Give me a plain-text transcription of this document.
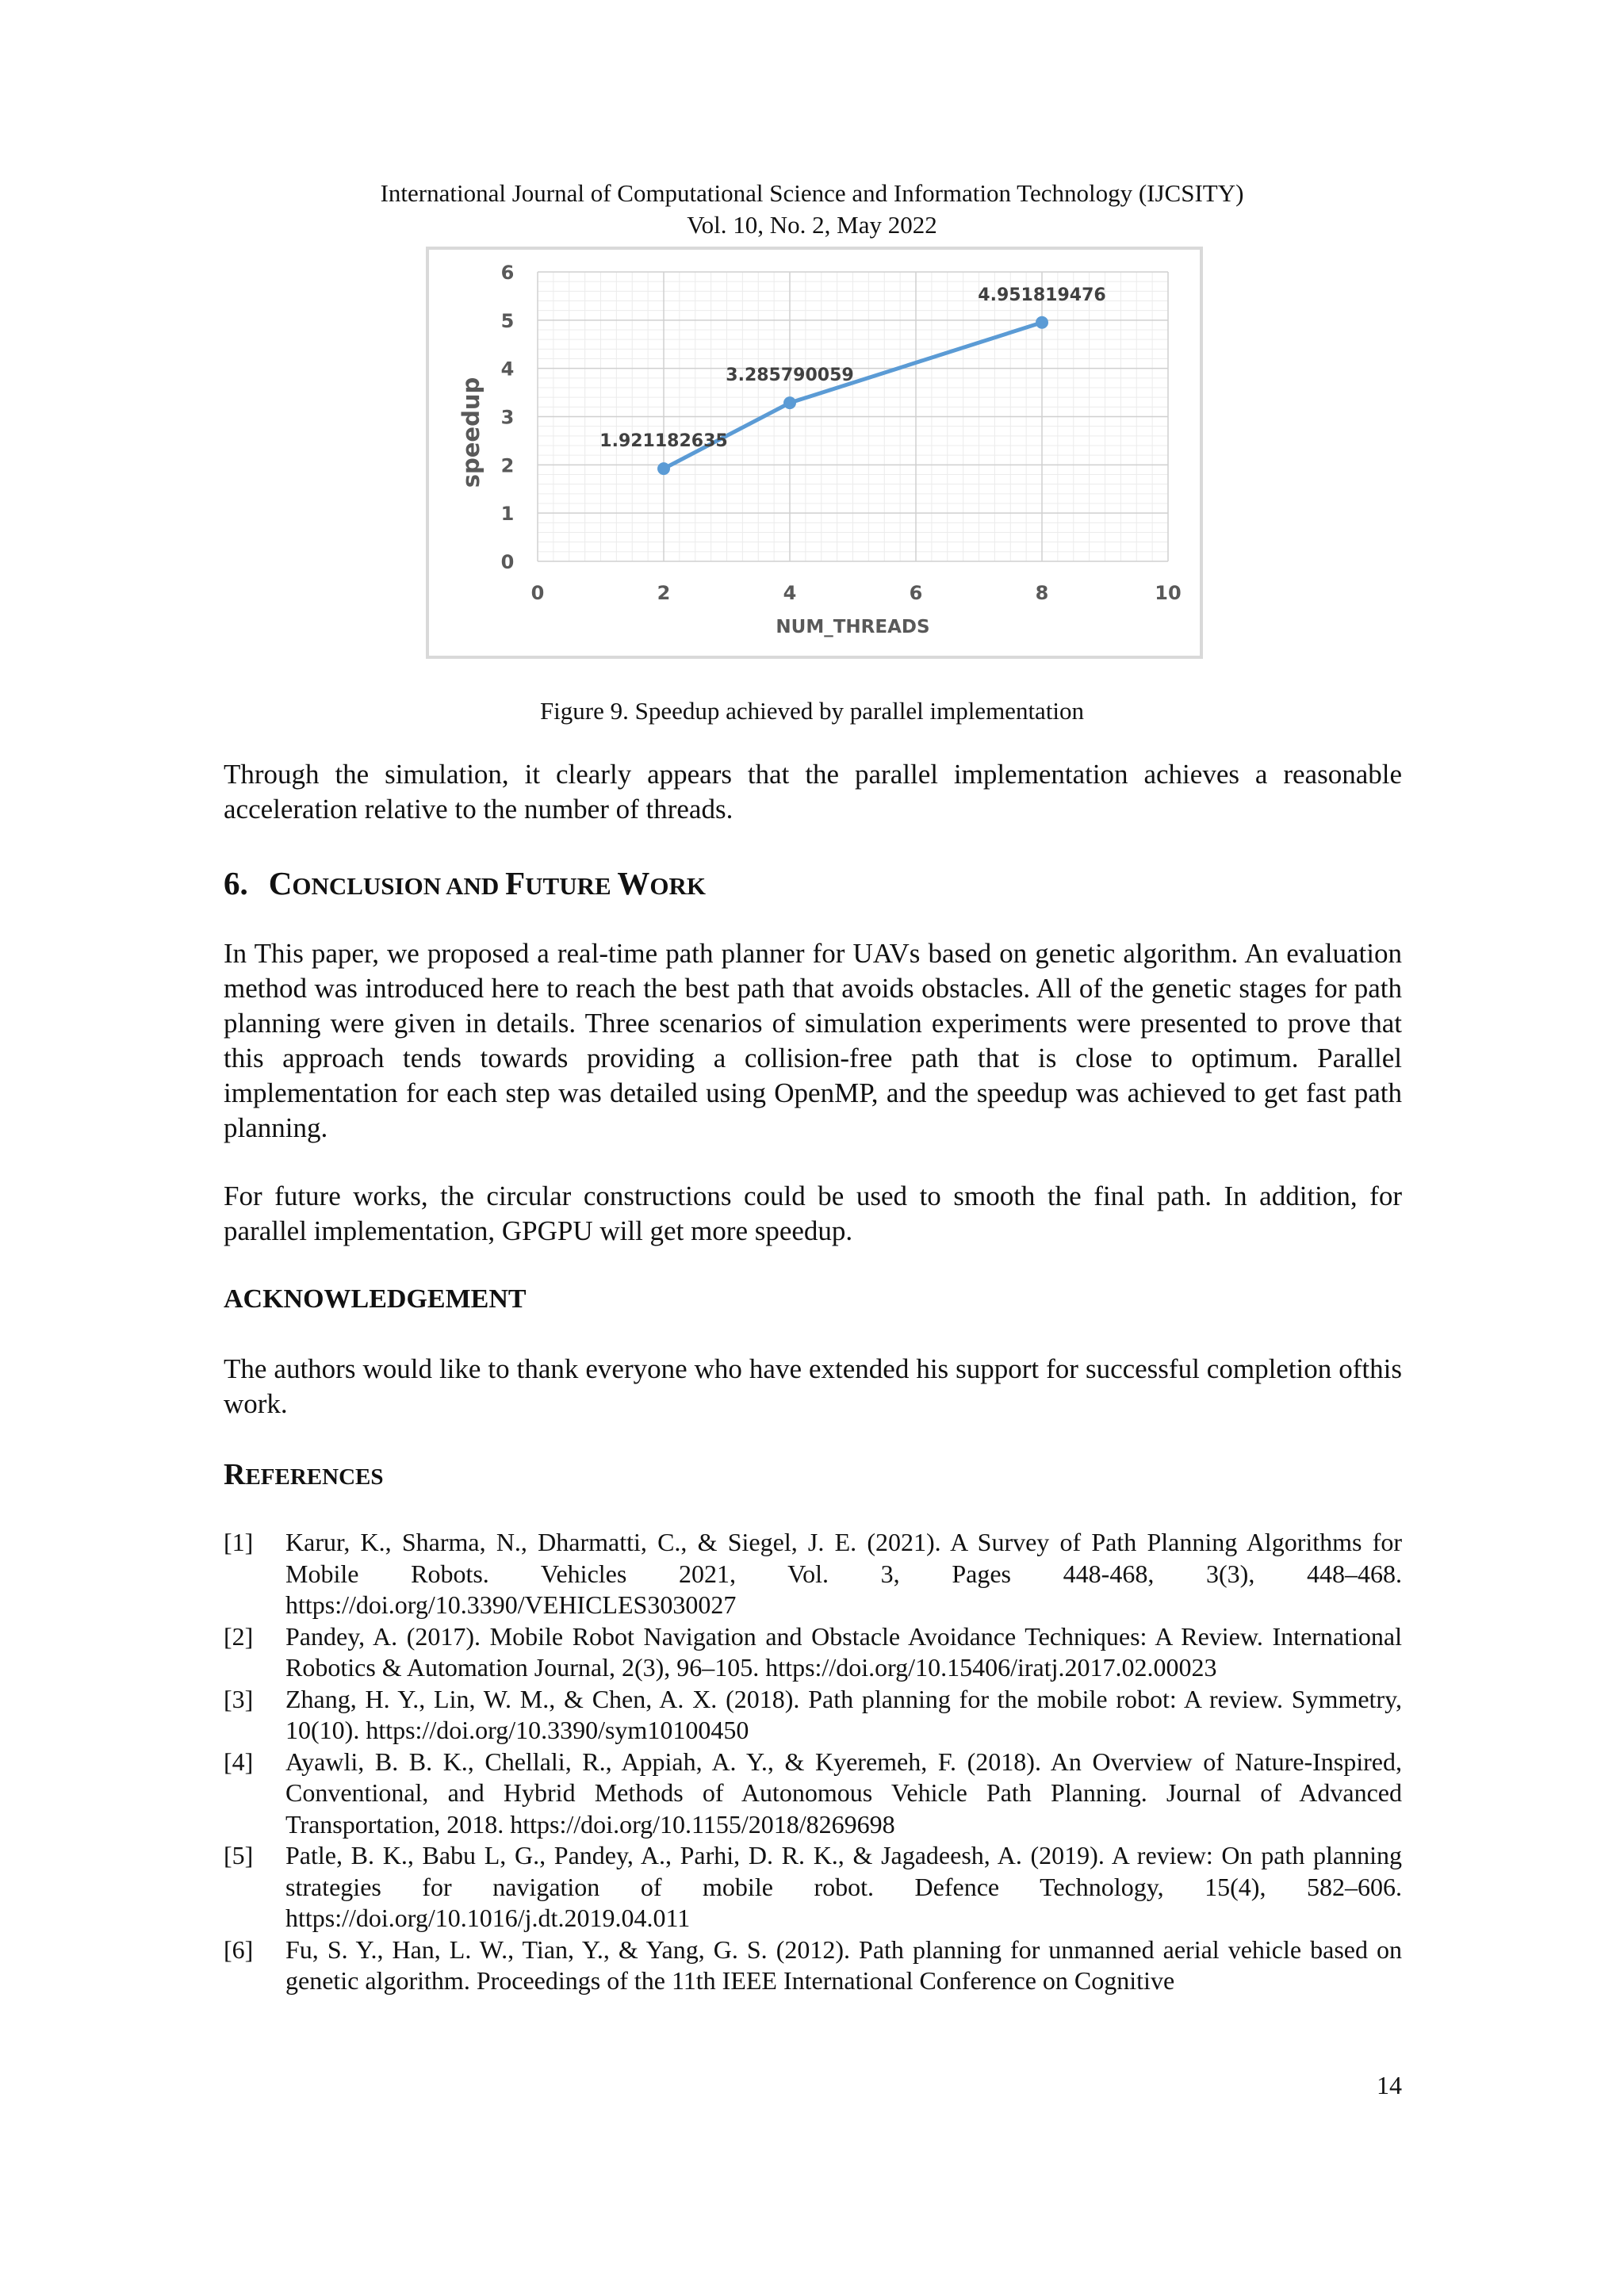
International Journal of Computational Science and Information Technology (IJCSITY)
Vol. 10, No. 2, May 2022
0	2	4	6	8	10
0
1
2
3
4
5
6
1.921182635
3.285790059
4.951819476
NUM_THREADS
speedup
Figure 9. Speedup achieved by parallel implementation
Through the simulation, it clearly appears that the parallel implementation achieves a reasonable acceleration relative to the number of threads.
6. CONCLUSION AND FUTURE WORK
In This paper, we proposed a real-time path planner for UAVs based on genetic algorithm. An evaluation method was introduced here to reach the best path that avoids obstacles. All of the genetic stages for path planning were given in details. Three scenarios of simulation experiments were presented to prove that this approach tends towards providing a collision-free path that is close to optimum. Parallel implementation for each step was detailed using OpenMP, and the speedup was achieved to get fast path planning.
For future works, the circular constructions could be used to smooth the final path. In addition, for parallel implementation, GPGPU will get more speedup.
ACKNOWLEDGEMENT
The authors would like to thank everyone who have extended his support for successful completion ofthis work.
REFERENCES
[1]	Karur, K., Sharma, N., Dharmatti, C., & Siegel, J. E. (2021). A Survey of Path Planning Algorithms for Mobile Robots. Vehicles 2021, Vol. 3, Pages 448-468, 3(3), 448–468. https://doi.org/10.3390/VEHICLES3030027
[2]	Pandey, A. (2017). Mobile Robot Navigation and Obstacle Avoidance Techniques: A Review. International Robotics & Automation Journal, 2(3), 96–105. https://doi.org/10.15406/iratj.2017.02.00023
[3]	Zhang, H. Y., Lin, W. M., & Chen, A. X. (2018). Path planning for the mobile robot: A review. Symmetry, 10(10). https://doi.org/10.3390/sym10100450
[4]	Ayawli, B. B. K., Chellali, R., Appiah, A. Y., & Kyeremeh, F. (2018). An Overview of Nature-Inspired, Conventional, and Hybrid Methods of Autonomous Vehicle Path Planning. Journal of Advanced Transportation, 2018. https://doi.org/10.1155/2018/8269698
[5]	Patle, B. K., Babu L, G., Pandey, A., Parhi, D. R. K., & Jagadeesh, A. (2019). A review: On path planning strategies for navigation of mobile robot. Defence Technology, 15(4), 582–606. https://doi.org/10.1016/j.dt.2019.04.011
[6]	Fu, S. Y., Han, L. W., Tian, Y., & Yang, G. S. (2012). Path planning for unmanned aerial vehicle based on genetic algorithm. Proceedings of the 11th IEEE International Conference on Cognitive
14
